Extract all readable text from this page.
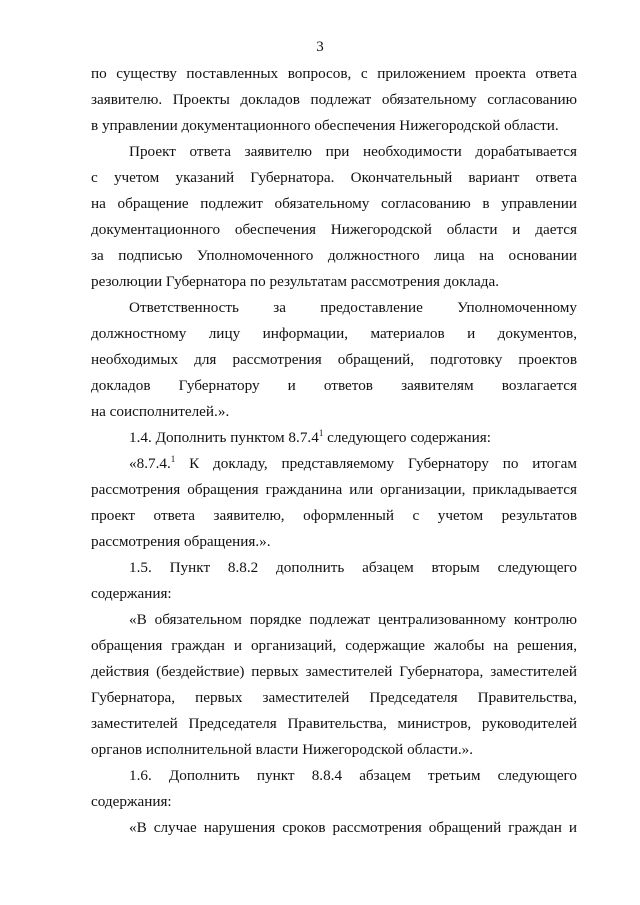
3
по существу поставленных вопросов, с приложением проекта ответа
заявителю. Проекты докладов подлежат обязательному согласованию
в управлении документационного обеспечения Нижегородской области.
Проект ответа заявителю при необходимости дорабатывается
с учетом указаний Губернатора. Окончательный вариант ответа
на обращение подлежит обязательному согласованию в управлении
документационного обеспечения Нижегородской области и дается
за подписью Уполномоченного должностного лица на основании
резолюции Губернатора по результатам рассмотрения доклада.
Ответственность за предоставление Уполномоченному
должностному лицу информации, материалов и документов,
необходимых для рассмотрения обращений, подготовку проектов
докладов Губернатору и ответов заявителям возлагается
на соисполнителей.».
1.4. Дополнить пунктом 8.7.4$^1$ следующего содержания:
«8.7.4.$^1$ К докладу, представляемому Губернатору по итогам
рассмотрения обращения гражданина или организации, прикладывается
проект ответа заявителю, оформленный с учетом результатов
рассмотрения обращения.».
1.5. Пункт 8.8.2 дополнить абзацем вторым следующего
содержания:
«В обязательном порядке подлежат централизованному контролю
обращения граждан и организаций, содержащие жалобы на решения,
действия (бездействие) первых заместителей Губернатора, заместителей
Губернатора, первых заместителей Председателя Правительства,
заместителей Председателя Правительства, министров, руководителей
органов исполнительной власти Нижегородской области.».
1.6. Дополнить пункт 8.8.4 абзацем третьим следующего
содержания:
«В случае нарушения сроков рассмотрения обращений граждан и
